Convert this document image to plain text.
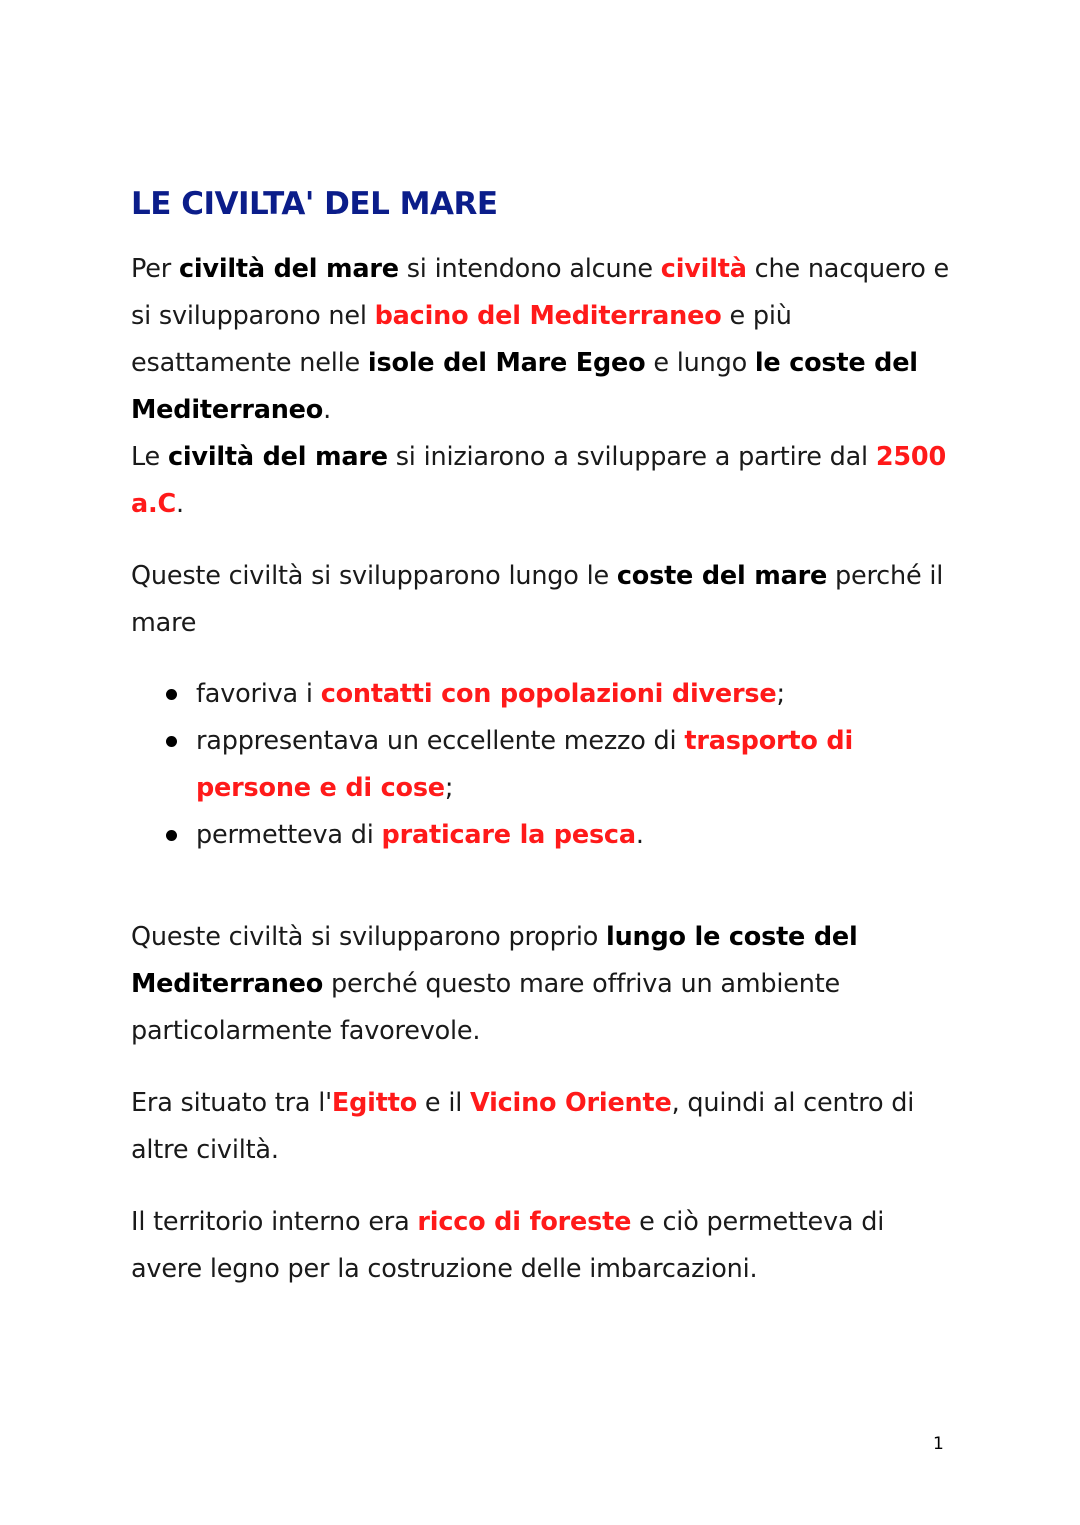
LE CIVILTA' DEL MARE

Per civiltà del mare si intendono alcune civiltà che nacquero e si svilupparono nel bacino del Mediterraneo e più esattamente nelle isole del Mare Egeo e lungo le coste del Mediterraneo.
Le civiltà del mare si iniziarono a sviluppare a partire dal 2500 a.C.

Queste civiltà si svilupparono lungo le coste del mare perché il mare

favoriva i contatti con popolazioni diverse;
rappresentava un eccellente mezzo di trasporto di persone e di cose;
permetteva di praticare la pesca.

Queste civiltà si svilupparono proprio lungo le coste del Mediterraneo perché questo mare offriva un ambiente particolarmente favorevole.

Era situato tra l'Egitto e il Vicino Oriente, quindi al centro di altre civiltà.

Il territorio interno era ricco di foreste e ciò permetteva di avere legno per la costruzione delle imbarcazioni.

1
